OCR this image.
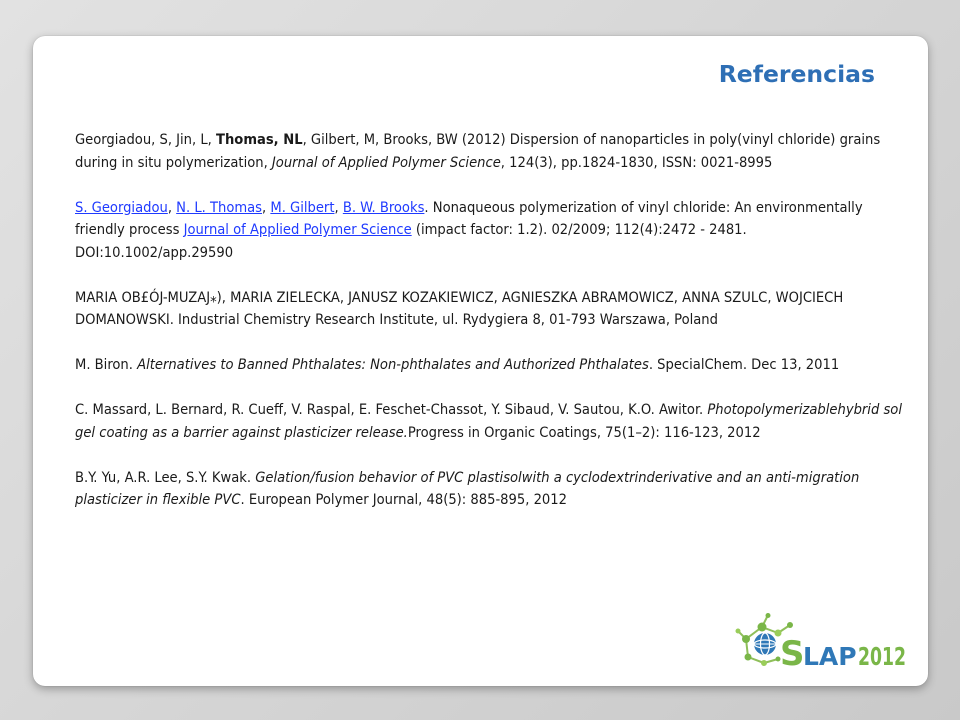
Referencias

Georgiadou, S, Jin, L, Thomas, NL, Gilbert, M, Brooks, BW (2012) Dispersion of nanoparticles in poly(vinyl chloride) grains during in situ polymerization, Journal of Applied Polymer Science, 124(3), pp.1824-1830, ISSN: 0021-8995

S. Georgiadou, N. L. Thomas, M. Gilbert, B. W. Brooks. Nonaqueous polymerization of vinyl chloride: An environmentally friendly process Journal of Applied Polymer Science (impact factor: 1.2). 02/2009; 112(4):2472 - 2481. DOI:10.1002/app.29590

MARIA OB£ÓJ-MUZAJ⁎), MARIA ZIELECKA, JANUSZ KOZAKIEWICZ, AGNIESZKA ABRAMOWICZ, ANNA SZULC, WOJCIECH DOMANOWSKI. Industrial Chemistry Research Institute, ul. Rydygiera 8, 01-793 Warszawa, Poland

M. Biron. Alternatives to Banned Phthalates: Non-phthalates and Authorized Phthalates. SpecialChem. Dec 13, 2011

C. Massard, L. Bernard, R. Cueff, V. Raspal, E. Feschet-Chassot, Y. Sibaud, V. Sautou, K.O. Awitor. Photopolymerizablehybrid sol gel coating as a barrier against plasticizer release.Progress in Organic Coatings, 75(1–2): 116-123, 2012

B.Y. Yu, A.R. Lee, S.Y. Kwak. Gelation/fusion behavior of PVC plastisolwith a cyclodextrinderivative and an anti-migration plasticizer in flexible PVC. European Polymer Journal, 48(5): 885-895, 2012

S
LAP 2012
